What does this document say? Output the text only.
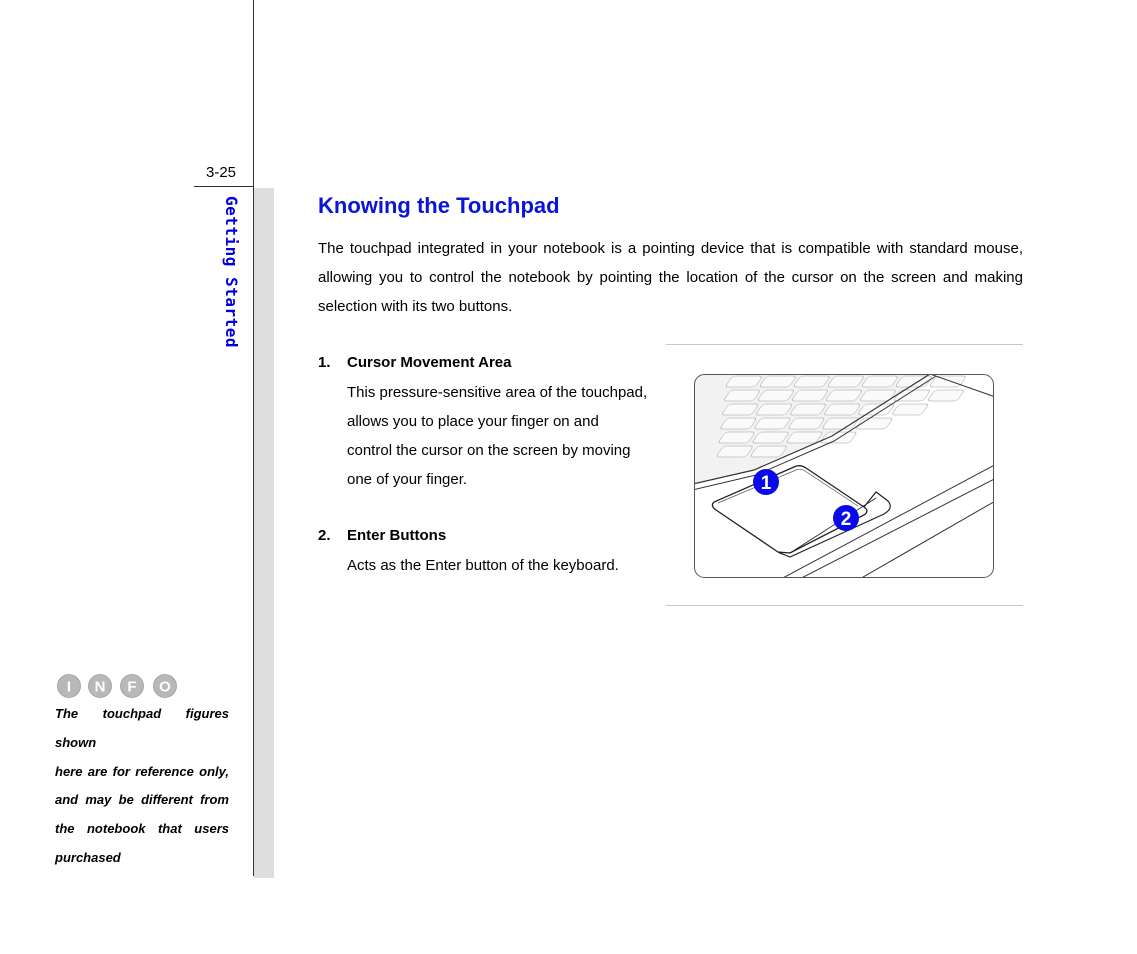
3-25
Getting Started	Knowing the Touchpad

The touchpad integrated in your notebook is a pointing device that is compatible with standard mouse, allowing you to control the notebook by pointing the location of the cursor on the screen and making selection with its two buttons.

1. Cursor Movement Area

This pressure-sensitive area of the touchpad,

allows you to place your finger on and

control the cursor on the screen by moving

one of your finger.

2. Enter Buttons

Acts as the Enter button of the keyboard.

1
2
I N F O
The touchpad figures shown
here are for reference only,
and may be different from
the notebook that users
purchased
